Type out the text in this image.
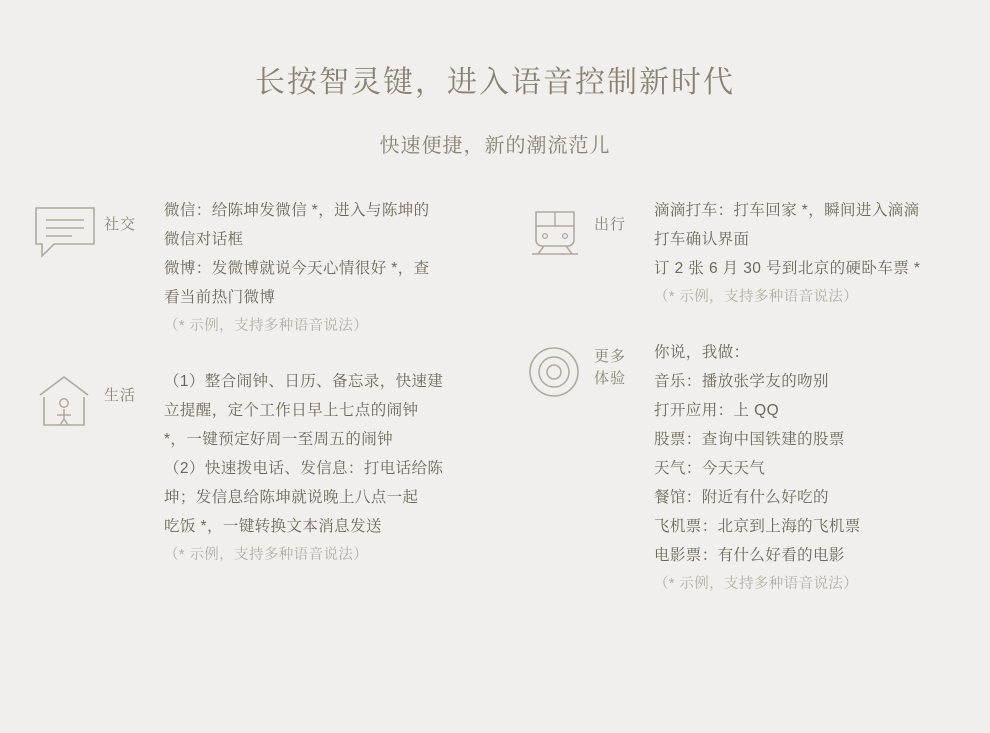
长按智灵键，进入语音控制新时代
快速便捷，新的潮流范儿
社交

微信：给陈坤发微信 *，进入与陈坤的

微信对话框

微博：发微博就说今天心情很好 *，查

看当前热门微博

（* 示例，支持多种语音说法）

生活

（1）整合闹钟、日历、备忘录，快速建

立提醒，定个工作日早上七点的闹钟

*，一键预定好周一至周五的闹钟

（2）快速拨电话、发信息：打电话给陈

坤；发信息给陈坤就说晚上八点一起

吃饭 *，一键转换文本消息发送

（* 示例，支持多种语音说法）

出行

滴滴打车：打车回家 *，瞬间进入滴滴

打车确认界面

订 2 张 6 月 30 号到北京的硬卧车票 *

（* 示例，支持多种语音说法）

更多
体验

你说，我做：

音乐：播放张学友的吻别

打开应用：上 QQ

股票：查询中国铁建的股票

天气：今天天气

餐馆：附近有什么好吃的

飞机票：北京到上海的飞机票

电影票：有什么好看的电影

（* 示例，支持多种语音说法）
